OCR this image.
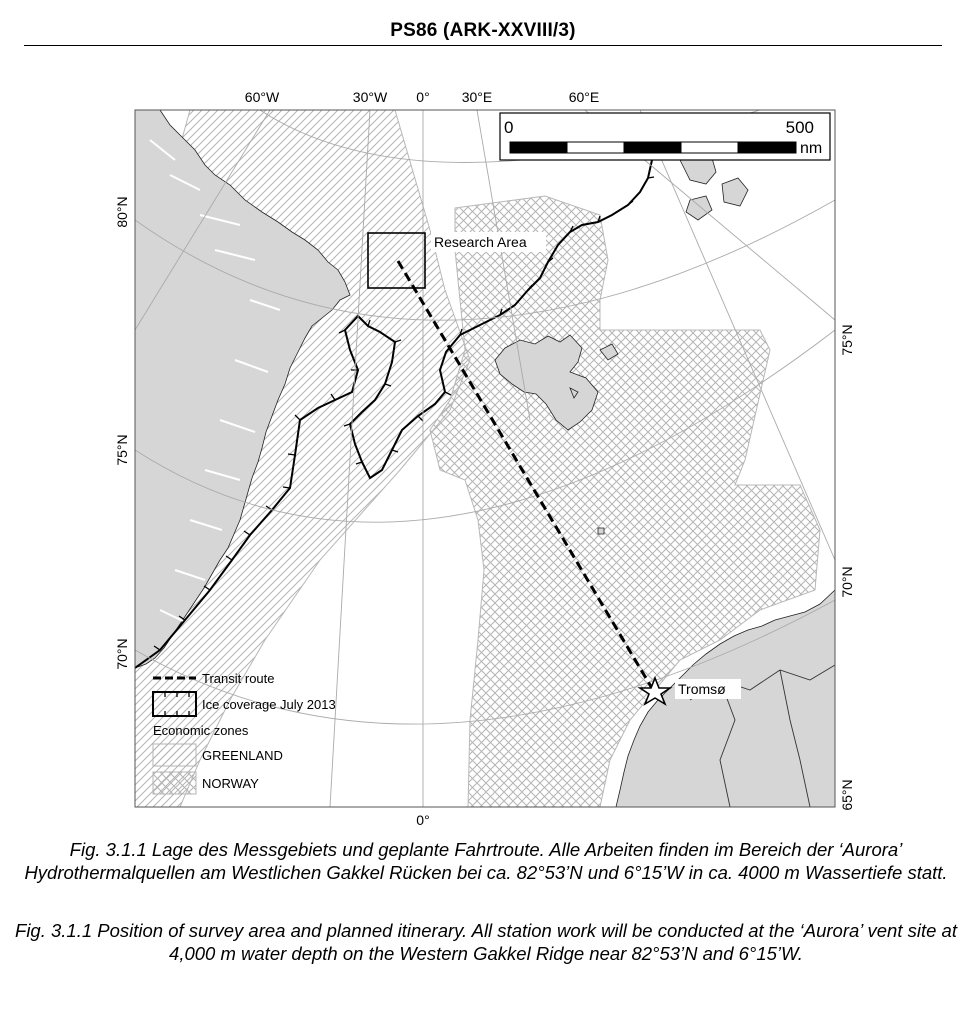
PS86 (ARK-XXVIII/3)
60°W	30°W 0° 30°E	60°E
0°
80°N
75°N
70°N
75°N
70°N
65°N
0	500
nm
Research Area
Tromsø
Transit route
Ice coverage July 2013
Economic zones
GREENLAND
NORWAY
Fig. 3.1.1 Lage des Messgebiets und geplante Fahrtroute. Alle Arbeiten finden im Bereich der ‘Aurora’ Hydrothermalquellen am Westlichen Gakkel Rücken bei ca. 82°53’N und 6°15’W in ca. 4000 m Wassertiefe statt.
Fig. 3.1.1 Position of survey area and planned itinerary. All station work will be conducted at the ‘Aurora’ vent site at 4,000 m water depth on the Western Gakkel Ridge near 82°53’N and 6°15’W.
